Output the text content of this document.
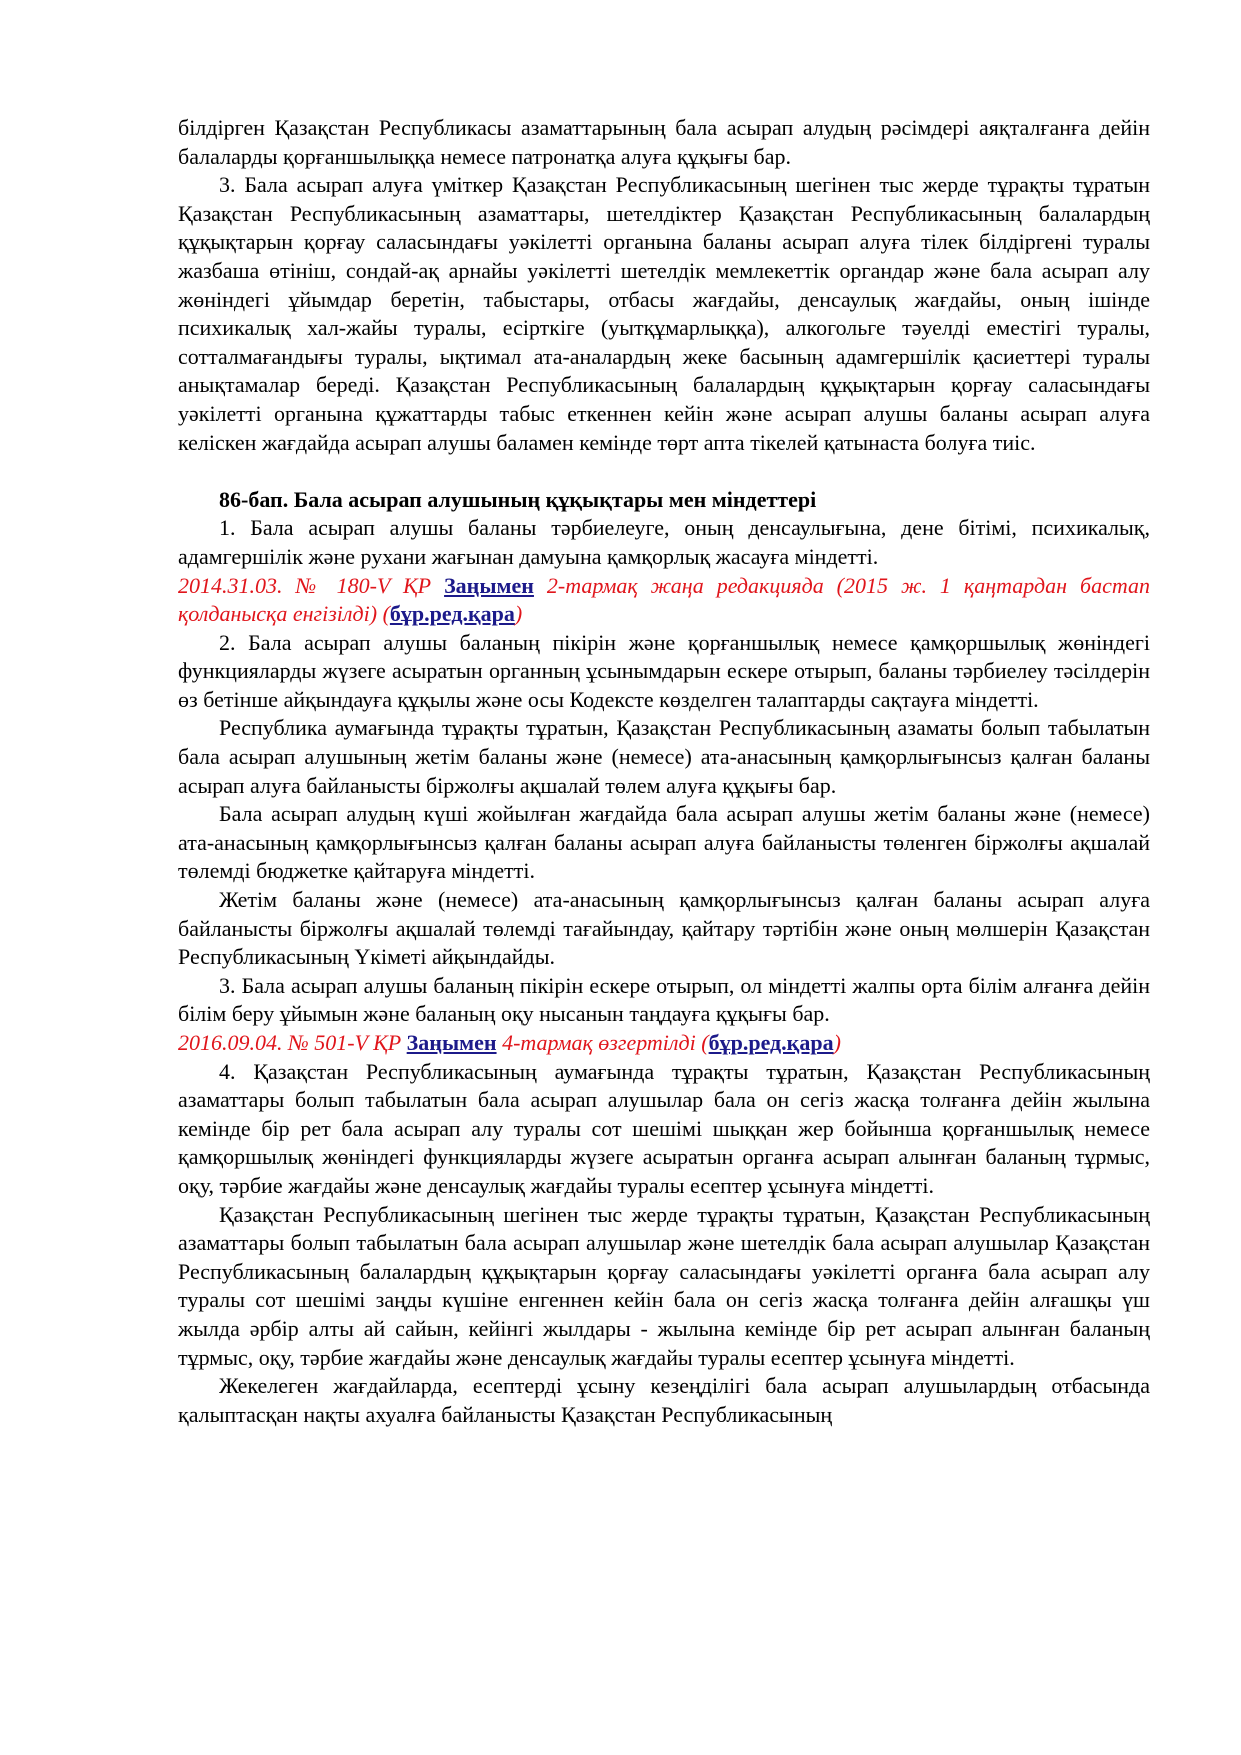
білдірген Қазақстан Республикасы азаматтарының бала асырап алудың рәсімдері аяқталғанға дейін балаларды қорғаншылыққа немесе патронатқа алуға құқығы бар.

3. Бала асырап алуға үміткер Қазақстан Республикасының шегінен тыс жерде тұрақты тұратын Қазақстан Республикасының азаматтары, шетелдіктер Қазақстан Республикасының балалардың құқықтарын қорғау саласындағы уәкілетті органына баланы асырап алуға тілек білдіргені туралы жазбаша өтініш, сондай-ақ арнайы уәкілетті шетелдік мемлекеттік органдар және бала асырап алу жөніндегі ұйымдар беретін, табыстары, отбасы жағдайы, денсаулық жағдайы, оның ішінде психикалық хал-жайы туралы, есірткіге (уытқұмарлыққа), алкогольге тәуелді еместігі туралы, сотталмағандығы туралы, ықтимал ата-аналардың жеке басының адамгершілік қасиеттері туралы анықтамалар береді. Қазақстан Республикасының балалардың құқықтарын қорғау саласындағы уәкілетті органына құжаттарды табыс еткеннен кейін және асырап алушы баланы асырап алуға келіскен жағдайда асырап алушы баламен кемінде төрт апта тікелей қатынаста болуға тиіс.

86-бап. Бала асырап алушының құқықтары мен міндеттері

1. Бала асырап алушы баланы тәрбиелеуге, оның денсаулығына, дене бітімі, психикалық, адамгершілік және рухани жағынан дамуына қамқорлық жасауға міндетті.

2014.31.03. № 180-V ҚР Заңымен 2-тармақ жаңа редакцияда (2015 ж. 1 қаңтардан бастап қолданысқа енгізілді) (бұр.ред.қара)

2. Бала асырап алушы баланың пікірін және қорғаншылық немесе қамқоршылық жөніндегі функцияларды жүзеге асыратын органның ұсынымдарын ескере отырып, баланы тәрбиелеу тәсілдерін өз бетінше айқындауға құқылы және осы Кодексте көзделген талаптарды сақтауға міндетті.

Республика аумағында тұрақты тұратын, Қазақстан Республикасының азаматы болып табылатын бала асырап алушының жетім баланы және (немесе) ата-анасының қамқорлығынсыз қалған баланы асырап алуға байланысты біржолғы ақшалай төлем алуға құқығы бар.

Бала асырап алудың күші жойылған жағдайда бала асырап алушы жетім баланы және (немесе) ата-анасының қамқорлығынсыз қалған баланы асырап алуға байланысты төленген біржолғы ақшалай төлемді бюджетке қайтаруға міндетті.

Жетім баланы және (немесе) ата-анасының қамқорлығынсыз қалған баланы асырап алуға байланысты біржолғы ақшалай төлемді тағайындау, қайтару тәртібін және оның мөлшерін Қазақстан Республикасының Үкіметі айқындайды.

3. Бала асырап алушы баланың пікірін ескере отырып, ол міндетті жалпы орта білім алғанға дейін білім беру ұйымын және баланың оқу нысанын таңдауға құқығы бар.

2016.09.04. № 501-V ҚР Заңымен 4-тармақ өзгертілді (бұр.ред.қара)

4. Қазақстан Республикасының аумағында тұрақты тұратын, Қазақстан Республикасының азаматтары болып табылатын бала асырап алушылар бала он сегіз жасқа толғанға дейін жылына кемінде бір рет бала асырап алу туралы сот шешімі шыққан жер бойынша қорғаншылық немесе қамқоршылық жөніндегі функцияларды жүзеге асыратын органға асырап алынған баланың тұрмыс, оқу, тәрбие жағдайы және денсаулық жағдайы туралы есептер ұсынуға міндетті.

Қазақстан Республикасының шегінен тыс жерде тұрақты тұратын, Қазақстан Республикасының азаматтары болып табылатын бала асырап алушылар және шетелдік бала асырап алушылар Қазақстан Республикасының балалардың құқықтарын қорғау саласындағы уәкілетті органға бала асырап алу туралы сот шешімі заңды күшіне енгеннен кейін бала он сегіз жасқа толғанға дейін алғашқы үш жылда әрбір алты ай сайын, кейінгі жылдары - жылына кемінде бір рет асырап алынған баланың тұрмыс, оқу, тәрбие жағдайы және денсаулық жағдайы туралы есептер ұсынуға міндетті.

Жекелеген жағдайларда, есептерді ұсыну кезеңділігі бала асырап алушылардың отбасында қалыптасқан нақты ахуалға байланысты Қазақстан Республикасының
